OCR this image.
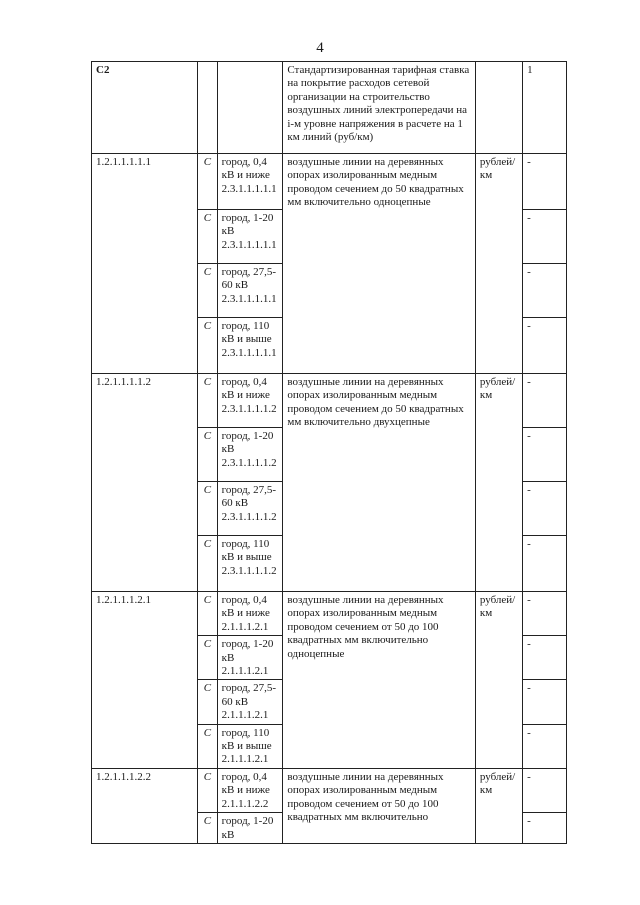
4
С2			Стандартизированная тарифная ставка на покрытие расходов сетевой организации на строительство воздушных линий электропередачи на i-м уровне напряжения в расчете на 1 км линий (руб/км)		1
1.2.1.1.1.1.1	С	город, 0,4 кВ и ниже 2.3.1.1.1.1.1	воздушные линии на деревянных опорах изолированным медным проводом сечением до 50 квадратных мм включительно одноцепные	рублей/ км	-
	С	город, 1-20 кВ 2.3.1.1.1.1.1			-
	С	город, 27,5-60 кВ 2.3.1.1.1.1.1			-
	С	город, 110 кВ и выше 2.3.1.1.1.1.1			-
1.2.1.1.1.1.2	С	город, 0,4 кВ и ниже 2.3.1.1.1.1.2	воздушные линии на деревянных опорах изолированным медным проводом сечением до 50 квадратных мм включительно двухцепные	рублей/ км	-
	С	город, 1-20 кВ 2.3.1.1.1.1.2			-
	С	город, 27,5-60 кВ 2.3.1.1.1.1.2			-
	С	город, 110 кВ и выше 2.3.1.1.1.1.2			-
1.2.1.1.1.2.1	С	город, 0,4 кВ и ниже 2.1.1.1.2.1	воздушные линии на деревянных опорах изолированным медным проводом сечением от 50 до 100 квадратных мм включительно одноцепные	рублей/ км	-
	С	город, 1-20 кВ 2.1.1.1.2.1			-
	С	город, 27,5-60 кВ 2.1.1.1.2.1			-
	С	город, 110 кВ и выше 2.1.1.1.2.1			-
1.2.1.1.1.2.2	С	город, 0,4 кВ и ниже 2.1.1.1.2.2	воздушные линии на деревянных опорах изолированным медным проводом сечением от 50 до 100 квадратных мм включительно	рублей/ км	-
	С	город, 1-20 кВ			-
